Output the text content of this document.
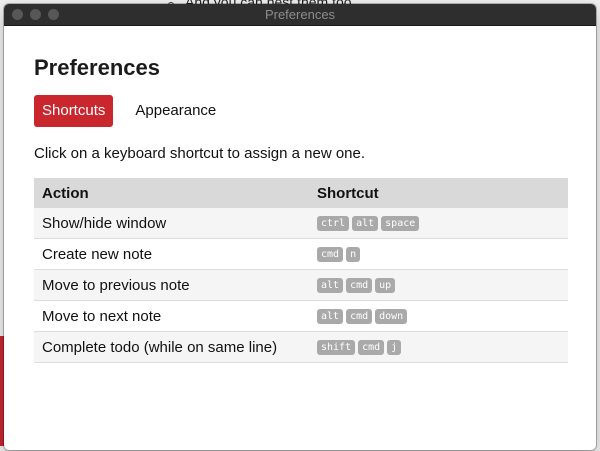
Preferences
Preferences
Shortcuts	Appearance

Click on a keyboard shortcut to assign a new one.

Action	Shortcut
Show/hide window	ctrl alt space
Create new note	cmd n
Move to previous note	alt cmd up
Move to next note	alt cmd down
Complete todo (while on same line)	shift cmd j
